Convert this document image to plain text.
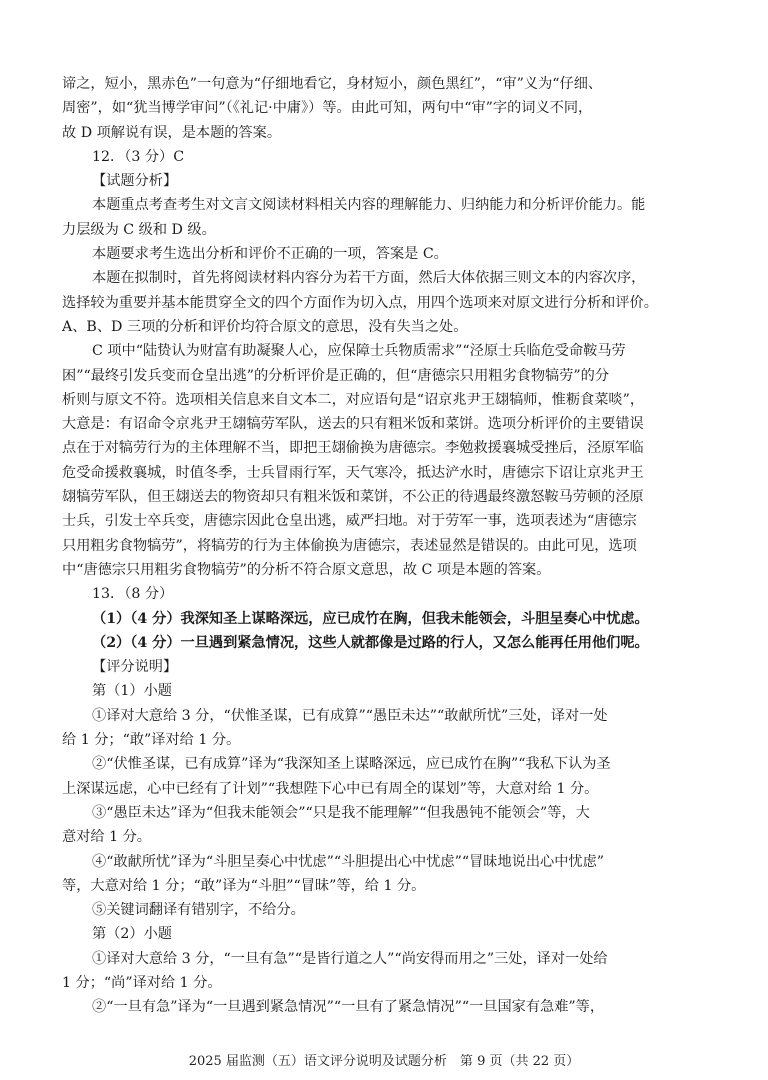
谛之，短小，黑赤色”一句意为“仔细地看它，身材短小，颜色黑红”，“审”义为“仔细、

周密”，如“犹当博学审问”（《礼记·中庸》）等。由此可知，两句中“审”字的词义不同，

故 D 项解说有误，是本题的答案。

12．（3 分）C

【试题分析】

本题重点考查考生对文言文阅读材料相关内容的理解能力、归纳能力和分析评价能力。能

力层级为 C 级和 D 级。

本题要求考生选出分析和评价不正确的一项，答案是 C。

本题在拟制时，首先将阅读材料内容分为若干方面，然后大体依据三则文本的内容次序，

选择较为重要并基本能贯穿全文的四个方面作为切入点，用四个选项来对原文进行分析和评价。

A、B、D 三项的分析和评价均符合原文的意思，没有失当之处。

C 项中“陆贽认为财富有助凝聚人心，应保障士兵物质需求”“泾原士兵临危受命鞍马劳

困”“最终引发兵变而仓皇出逃”的分析评价是正确的，但“唐德宗只用粗劣食物犒劳”的分

析则与原文不符。选项相关信息来自文本二，对应语句是“诏京兆尹王翃犒师，惟粝食菜啖”，

大意是：有诏命令京兆尹王翃犒劳军队，送去的只有粗米饭和菜饼。选项分析评价的主要错误

点在于对犒劳行为的主体理解不当，即把王翃偷换为唐德宗。李勉救援襄城受挫后，泾原军临

危受命援救襄城，时值冬季，士兵冒雨行军，天气寒冷，抵达浐水时，唐德宗下诏让京兆尹王

翃犒劳军队，但王翃送去的物资却只有粗米饭和菜饼，不公正的待遇最终激怒鞍马劳顿的泾原

士兵，引发士卒兵变，唐德宗因此仓皇出逃，威严扫地。对于劳军一事，选项表述为“唐德宗

只用粗劣食物犒劳”，将犒劳的行为主体偷换为唐德宗，表述显然是错误的。由此可见，选项

中“唐德宗只用粗劣食物犒劳”的分析不符合原文意思，故 C 项是本题的答案。

13．（8 分）

（1）（4 分）我深知圣上谋略深远，应已成竹在胸，但我未能领会，斗胆呈奏心中忧虑。

（2）（4 分）一旦遇到紧急情况，这些人就都像是过路的行人，又怎么能再任用他们呢。

【评分说明】

第（1）小题

①译对大意给 3 分，“伏惟圣谋，已有成算”“愚臣未达”“敢献所忧”三处，译对一处

给 1 分；“敢”译对给 1 分。

②“伏惟圣谋，已有成算”译为“我深知圣上谋略深远，应已成竹在胸”“我私下认为圣

上深谋远虑，心中已经有了计划”“我想陛下心中已有周全的谋划”等，大意对给 1 分。

③“愚臣未达”译为“但我未能领会”“只是我不能理解”“但我愚钝不能领会”等，大

意对给 1 分。

④“敢献所忧”译为“斗胆呈奏心中忧虑”“斗胆提出心中忧虑”“冒昧地说出心中忧虑”

等，大意对给 1 分；“敢”译为“斗胆”“冒昧”等，给 1 分。

⑤关键词翻译有错别字，不给分。

第（2）小题

①译对大意给 3 分，“一旦有急”“是皆行道之人”“尚安得而用之”三处，译对一处给

1 分；“尚”译对给 1 分。

②“一旦有急”译为“一旦遇到紧急情况”“一旦有了紧急情况”“一旦国家有急难”等，

2025 届监测（五）语文评分说明及试题分析　第 9 页（共 22 页）
